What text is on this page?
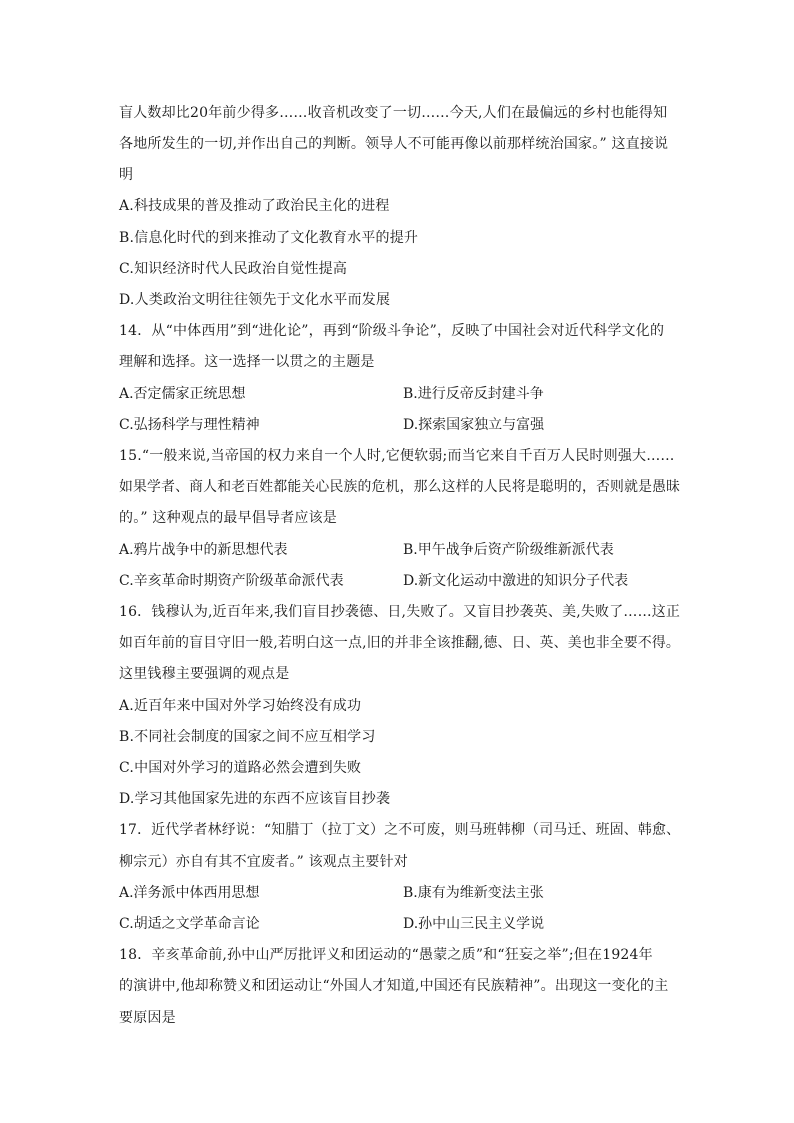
盲人数却比20年前少得多……收音机改变了一切……今天,人们在最偏远的乡村也能得知
各地所发生的一切,并作出自己的判断。领导人不可能再像以前那样统治国家。” 这直接说
明
A.科技成果的普及推动了政治民主化的进程
B.信息化时代的到来推动了文化教育水平的提升
C.知识经济时代人民政治自觉性提高
D.人类政治文明往往领先于文化水平而发展
14．从“中体西用”到“进化论”，再到“阶级斗争论”，反映了中国社会对近代科学文化的
理解和选择。这一选择一以贯之的主题是
A.否定儒家正统思想	B.进行反帝反封建斗争
C.弘扬科学与理性精神	D.探索国家独立与富强
15.“一般来说,当帝国的权力来自一个人时,它便软弱;而当它来自千百万人民时则强大……
如果学者、商人和老百姓都能关心民族的危机，那么这样的人民将是聪明的，否则就是愚昧
的。” 这种观点的最早倡导者应该是
A.鸦片战争中的新思想代表	B.甲午战争后资产阶级维新派代表
C.辛亥革命时期资产阶级革命派代表	D.新文化运动中激进的知识分子代表
16．钱穆认为,近百年来,我们盲目抄袭德、日,失败了。又盲目抄袭英、美,失败了……这正
如百年前的盲目守旧一般,若明白这一点,旧的并非全该推翻,德、日、英、美也非全要不得。
这里钱穆主要强调的观点是
A.近百年来中国对外学习始终没有成功
B.不同社会制度的国家之间不应互相学习
C.中国对外学习的道路必然会遭到失败
D.学习其他国家先进的东西不应该盲目抄袭
17．近代学者林纾说：“知腊丁（拉丁文）之不可废，则马班韩柳（司马迁、班固、韩愈、
柳宗元）亦自有其不宜废者。” 该观点主要针对
A.洋务派中体西用思想	B.康有为维新变法主张
C.胡适之文学革命言论	D.孙中山三民主义学说
18．辛亥革命前,孙中山严厉批评义和团运动的“愚蒙之质”和“狂妄之举”;但在1924年
的演讲中,他却称赞义和团运动让“外国人才知道,中国还有民族精神”。出现这一变化的主
要原因是
